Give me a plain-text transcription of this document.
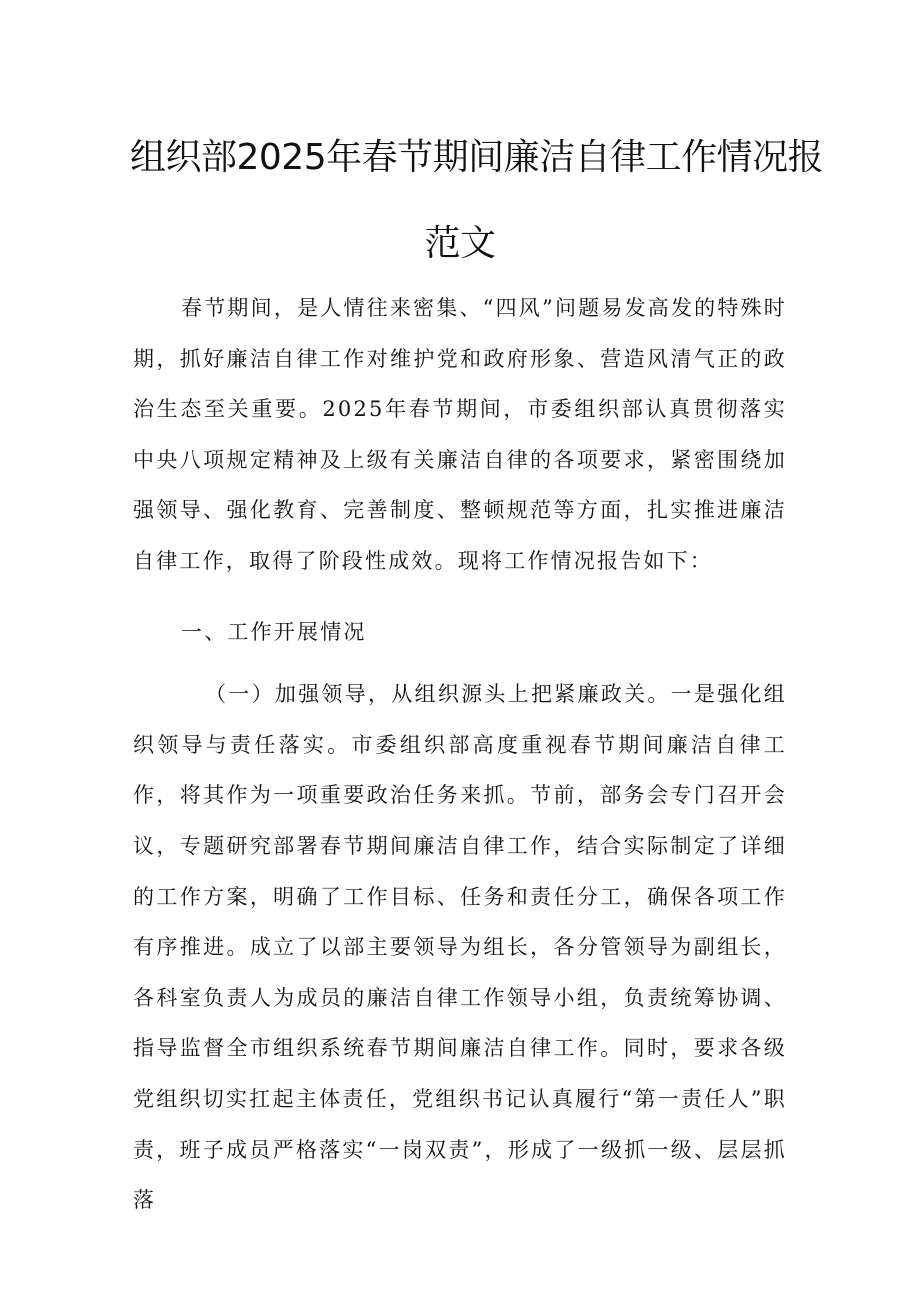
组织部2025年春节期间廉洁自律工作情况报
范文

春节期间，是人情往来密集、“四风”问题易发高发的特殊时期，抓好廉洁自律工作对维护党和政府形象、营造风清气正的政治生态至关重要。2025年春节期间，市委组织部认真贯彻落实中央八项规定精神及上级有关廉洁自律的各项要求，紧密围绕加强领导、强化教育、完善制度、整顿规范等方面，扎实推进廉洁自律工作，取得了阶段性成效。现将工作情况报告如下：

一、工作开展情况

（一）加强领导，从组织源头上把紧廉政关。一是强化组织领导与责任落实。市委组织部高度重视春节期间廉洁自律工作，将其作为一项重要政治任务来抓。节前，部务会专门召开会议，专题研究部署春节期间廉洁自律工作，结合实际制定了详细的工作方案，明确了工作目标、任务和责任分工，确保各项工作有序推进。成立了以部主要领导为组长，各分管领导为副组长，各科室负责人为成员的廉洁自律工作领导小组，负责统筹协调、指导监督全市组织系统春节期间廉洁自律工作。同时，要求各级党组织切实扛起主体责任，党组织书记认真履行“第一责任人”职责，班子成员严格落实“一岗双责”，形成了一级抓一级、层层抓落
